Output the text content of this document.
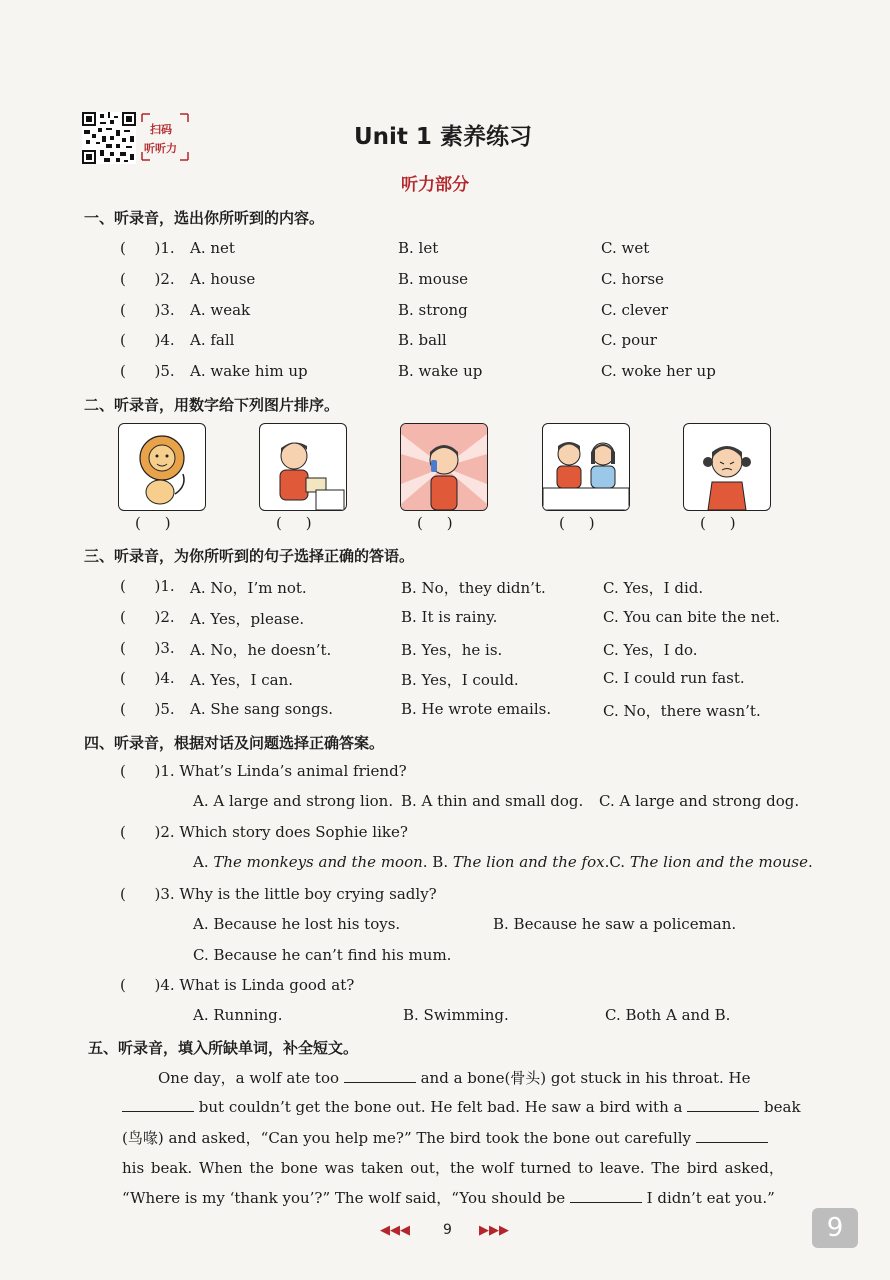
扫码
听听力	Unit 1 素养练习
听力部分
一、听录音，选出你所听到的内容。
(      )1. A. net	B. let	C. wet
(      )2. A. house	B. mouse	C. horse
(      )3. A. weak	B. strong	C. clever
(      )4. A. fall	B. ball	C. pour
(      )5. A. wake him up	B. wake up	C. woke her up
二、听录音，用数字给下列图片排序。
(     )	(     )	(     )	(     )	(     )
三、听录音，为你所听到的句子选择正确的答语。
(      )1. A. No，I’m not.	B. No，they didn’t.	C. Yes，I did.
(      )2. A. Yes，please.	B. It is rainy.	C. You can bite the net.
(      )3. A. No，he doesn’t.	B. Yes，he is.	C. Yes，I do.
(      )4. A. Yes，I can.	B. Yes，I could.	C. I could run fast.
(      )5. A. She sang songs.	B. He wrote emails.	C. No，there wasn’t.
四、听录音，根据对话及问题选择正确答案。
(      )1. What’s Linda’s animal friend?
A. A large and strong lion. B. A thin and small dog. C. A large and strong dog.
(      )2. Which story does Sophie like?
A. The monkeys and the moon. B. The lion and the fox.C. The lion and the mouse.
(      )3. Why is the little boy crying sadly?
A. Because he lost his toys.	B. Because he saw a policeman.
C. Because he can’t find his mum.
(      )4. What is Linda good at?
A. Running.	B. Swimming.	C. Both A and B.
五、听录音，填入所缺单词，补全短文。
One day，a wolf ate too	and a bone(骨头) got stuck in his throat. He
but couldn’t get the bone out. He felt bad. He saw a bird with a	beak
(鸟喙) and asked，“Can you help me?” The bird took the bone out carefully
his beak. When the bone was taken out，the wolf turned to leave. The bird asked，
“Where is my ‘thank you’?” The wolf said，“You should be	I didn’t eat you.”
◀◀◀ 9 ▶▶▶	9
